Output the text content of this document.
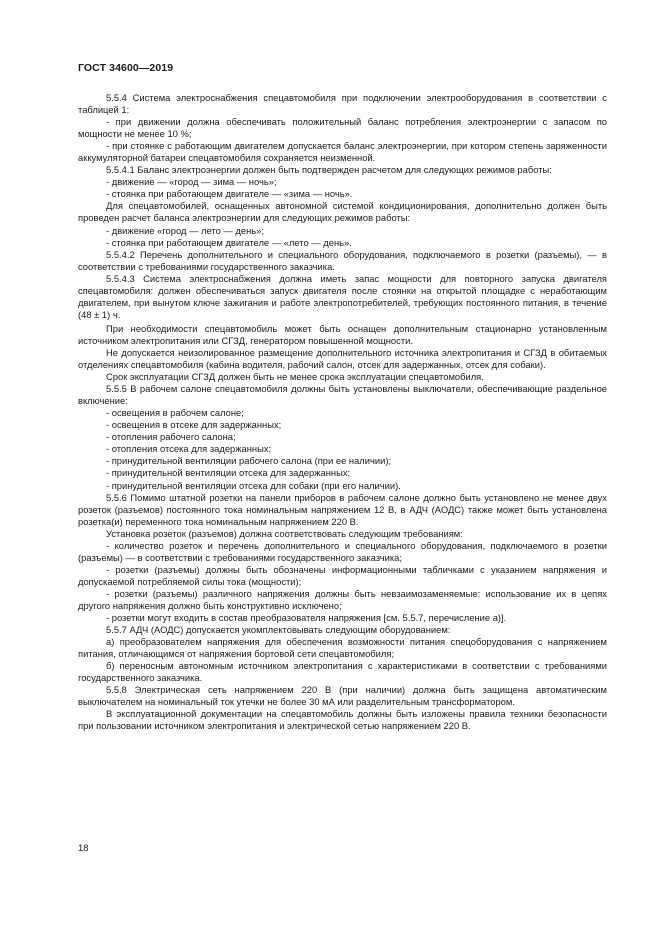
ГОСТ 34600—2019

5.5.4 Система электроснабжения спецавтомобиля при подключении электрооборудования в соответствии с таблицей 1:

- при движении должна обеспечивать положительный баланс потребления электроэнергии с запасом по мощности не менее 10 %;

- при стоянке с работающим двигателем допускается баланс электроэнергии, при котором степень заряженности аккумуляторной батареи спецавтомобиля сохраняется неизменной.

5.5.4.1 Баланс электроэнергии должен быть подтвержден расчетом для следующих режимов работы:

- движение — «город — зима — ночь»;

- стоянка при работающем двигателе — «зима — ночь».

Для спецавтомобилей, оснащенных автономной системой кондиционирования, дополнительно должен быть проведен расчет баланса электроэнергии для следующих режимов работы:

- движение «город — лето — день»;

- стоянка при работающем двигателе — «лето — день».

5.5.4.2 Перечень дополнительного и специального оборудования, подключаемого в розетки (разъемы), — в соответствии с требованиями государственного заказчика.

5.5.4.3 Система электроснабжения должна иметь запас мощности для повторного запуска двигателя спецавтомобиля: должен обеспечиваться запуск двигателя после стоянки на открытой площадке с неработающим двигателем, при вынутом ключе зажигания и работе электропотребителей, требующих постоянного питания, в течение (48 ± 1) ч.

При необходимости спецавтомобиль может быть оснащен дополнительным стационарно установленным источником электропитания или СГЗД, генератором повышенной мощности.

Не допускается неизолированное размещение дополнительного источника электропитания и СГЗД в обитаемых отделениях спецавтомобиля (кабина водителя, рабочий салон, отсек для задержанных, отсек для собаки).

Срок эксплуатации СГЗД должен быть не менее срока эксплуатации спецавтомобиля.

5.5.5 В рабочем салоне спецавтомобиля должны быть установлены выключатели, обеспечивающие раздельное включение:

- освещения в рабочем салоне;

- освещения в отсеке для задержанных;

- отопления рабочего салона;

- отопления отсека для задержанных;

- принудительной вентиляции рабочего салона (при ее наличии);

- принудительной вентиляции отсека для задержанных;

- принудительной вентиляции отсека для собаки (при его наличии).

5.5.6 Помимо штатной розетки на панели приборов в рабочем салоне должно быть установлено не менее двух розеток (разъемов) постоянного тока номинальным напряжением 12 В, в АДЧ (АОДС) также может быть установлена розетка(и) переменного тока номинальным напряжением 220 В.

Установка розеток (разъемов) должна соответствовать следующим требованиям:

- количество розеток и перечень дополнительного и специального оборудования, подключаемого в розетки (разъемы) — в соответствии с требованиями государственного заказчика;

- розетки (разъемы) должны быть обозначены информационными табличками с указанием напряжения и допускаемой потребляемой силы тока (мощности);

- розетки (разъемы) различного напряжения должны быть невзаимозаменяемые: использование их в цепях другого напряжения должно быть конструктивно исключено;

- розетки могут входить в состав преобразователя напряжения [см. 5.5.7, перечисление а)].

5.5.7 АДЧ (АОДС) допускается укомплектовывать следующим оборудованием:

а) преобразователем напряжения для обеспечения возможности питания спецоборудования с напряжением питания, отличающимся от напряжения бортовой сети спецавтомобиля;

б) переносным автономным источником электропитания с характеристиками в соответствии с требованиями государственного заказчика.

5.5.8 Электрическая сеть напряжением 220 В (при наличии) должна быть защищена автоматическим выключателем на номинальный ток утечки не более 30 мА или разделительным трансформатором.

В эксплуатационной документации на спецавтомобиль должны быть изложены правила техники безопасности при пользовании источником электропитания и электрической сетью напряжением 220 В.

18
